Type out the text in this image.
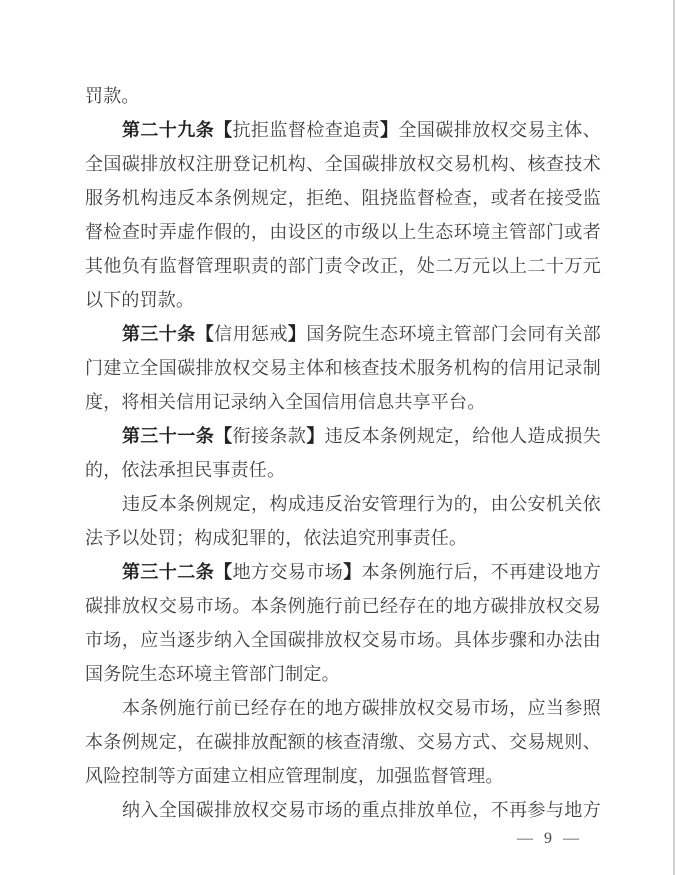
罚款。
第二十九条【抗拒监督检查追责】全国碳排放权交易主体、
全国碳排放权注册登记机构、全国碳排放权交易机构、核查技术
服务机构违反本条例规定，拒绝、阻挠监督检查，或者在接受监
督检查时弄虚作假的，由设区的市级以上生态环境主管部门或者
其他负有监督管理职责的部门责令改正，处二万元以上二十万元
以下的罚款。
第三十条【信用惩戒】国务院生态环境主管部门会同有关部
门建立全国碳排放权交易主体和核查技术服务机构的信用记录制
度，将相关信用记录纳入全国信用信息共享平台。
第三十一条【衔接条款】违反本条例规定，给他人造成损失
的，依法承担民事责任。
违反本条例规定，构成违反治安管理行为的，由公安机关依
法予以处罚；构成犯罪的，依法追究刑事责任。
第三十二条【地方交易市场】本条例施行后，不再建设地方
碳排放权交易市场。本条例施行前已经存在的地方碳排放权交易
市场，应当逐步纳入全国碳排放权交易市场。具体步骤和办法由
国务院生态环境主管部门制定。
本条例施行前已经存在的地方碳排放权交易市场，应当参照
本条例规定，在碳排放配额的核查清缴、交易方式、交易规则、
风险控制等方面建立相应管理制度，加强监督管理。
纳入全国碳排放权交易市场的重点排放单位，不再参与地方
— 9 —
